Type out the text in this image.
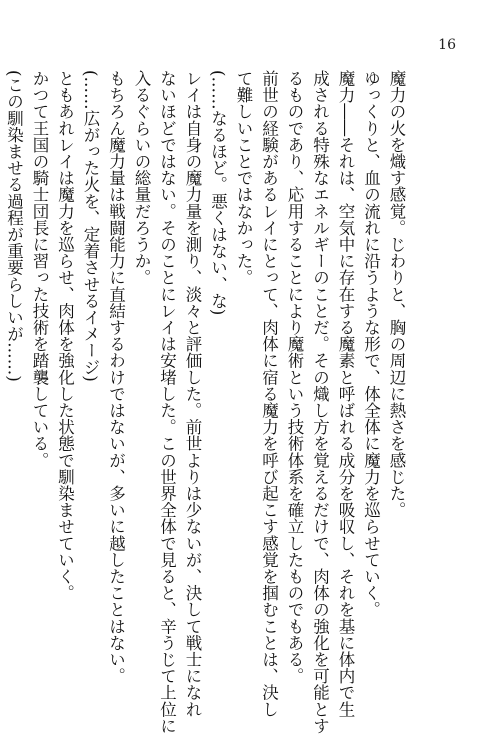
16
魔力の火を熾す感覚。じわりと、胸の周辺に熱さを感じた。
ゆっくりと、血の流れに沿うような形で、体全体に魔力を巡らせていく。
魔力――それは、空気中に存在する魔素と呼ばれる成分を吸収し、それを基に体内で生
成される特殊なエネルギーのことだ。その熾し方を覚えるだけで、肉体の強化を可能とす
るものであり、応用することにより魔術という技術体系を確立したものでもある。
前世の経験があるレイにとって、肉体に宿る魔力を呼び起こす感覚を掴むことは、決し
て難しいことではなかった。
(……なるほど。悪くはない、な)
レイは自身の魔力量を測り、淡々と評価した。前世よりは少ないが、決して戦士になれ
ないほどではない。そのことにレイは安堵した。この世界全体で見ると、辛うじて上位に
入るぐらいの総量だろうか。
もちろん魔力量は戦闘能力に直結するわけではないが、多いに越したことはない。
(……広がった火を、定着させるイメージ)
ともあれレイは魔力を巡らせ、肉体を強化した状態で馴染ませていく。
かつて王国の騎士団長に習った技術を踏襲している。
(この馴染ませる過程が重要らしいが……)
